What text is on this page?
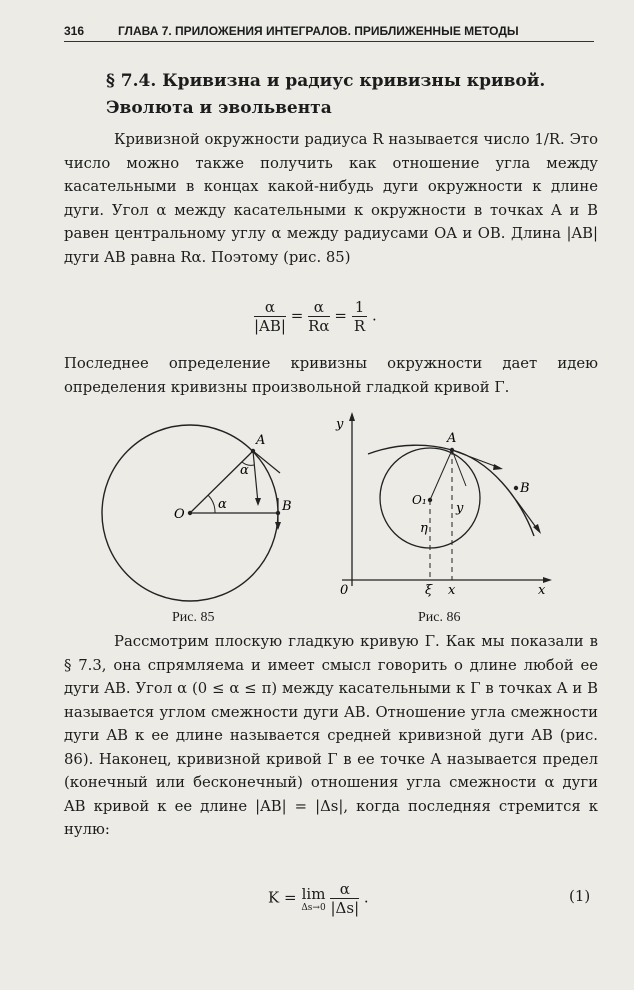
316	ГЛАВА 7. ПРИЛОЖЕНИЯ ИНТЕГРАЛОВ. ПРИБЛИЖЕННЫЕ МЕТОДЫ
§ 7.4. Кривизна и радиус кривизны кривой.
Эволюта и эвольвента
Кривизной окружности радиуса R называется число 1/R. Это число можно также получить как отношение угла между касательными в концах какой-нибудь дуги окружности к длине дуги. Угол α между касательными к окружности в точках A и B равен центральному углу α между радиусами OA и OB. Длина |AB| дуги AB равна Rα. Поэтому (рис. 85)
$\frac{\alpha}{|AB|} = \frac{\alpha}{R\alpha} = \frac{1}{R}$ .
Последнее определение кривизны окружности дает идею определения кривизны произвольной гладкой кривой Γ.
O
A
B
α
α
y
x
0
A
B
O₁
η
y
ξ x
Рис. 85	Рис. 86
Рассмотрим плоскую гладкую кривую Γ. Как мы показали в § 7.3, она спрямляема и имеет смысл говорить о длине любой ее дуги AB. Угол α (0 ≤ α ≤ π) между касательными к Γ в точках A и B называется углом смежности дуги AB. Отношение угла смежности дуги AB к ее длине называется средней кривизной дуги AB (рис. 86). Наконец, кривизной кривой Γ в ее точке A называется предел (конечный или бесконечный) отношения угла смежности α дуги AB кривой к ее длине |AB| = |Δs|, когда последняя стремится к нулю:
K = lim
Δs→0
$\frac{\alpha}{|\Delta s|}$ .	(1)
